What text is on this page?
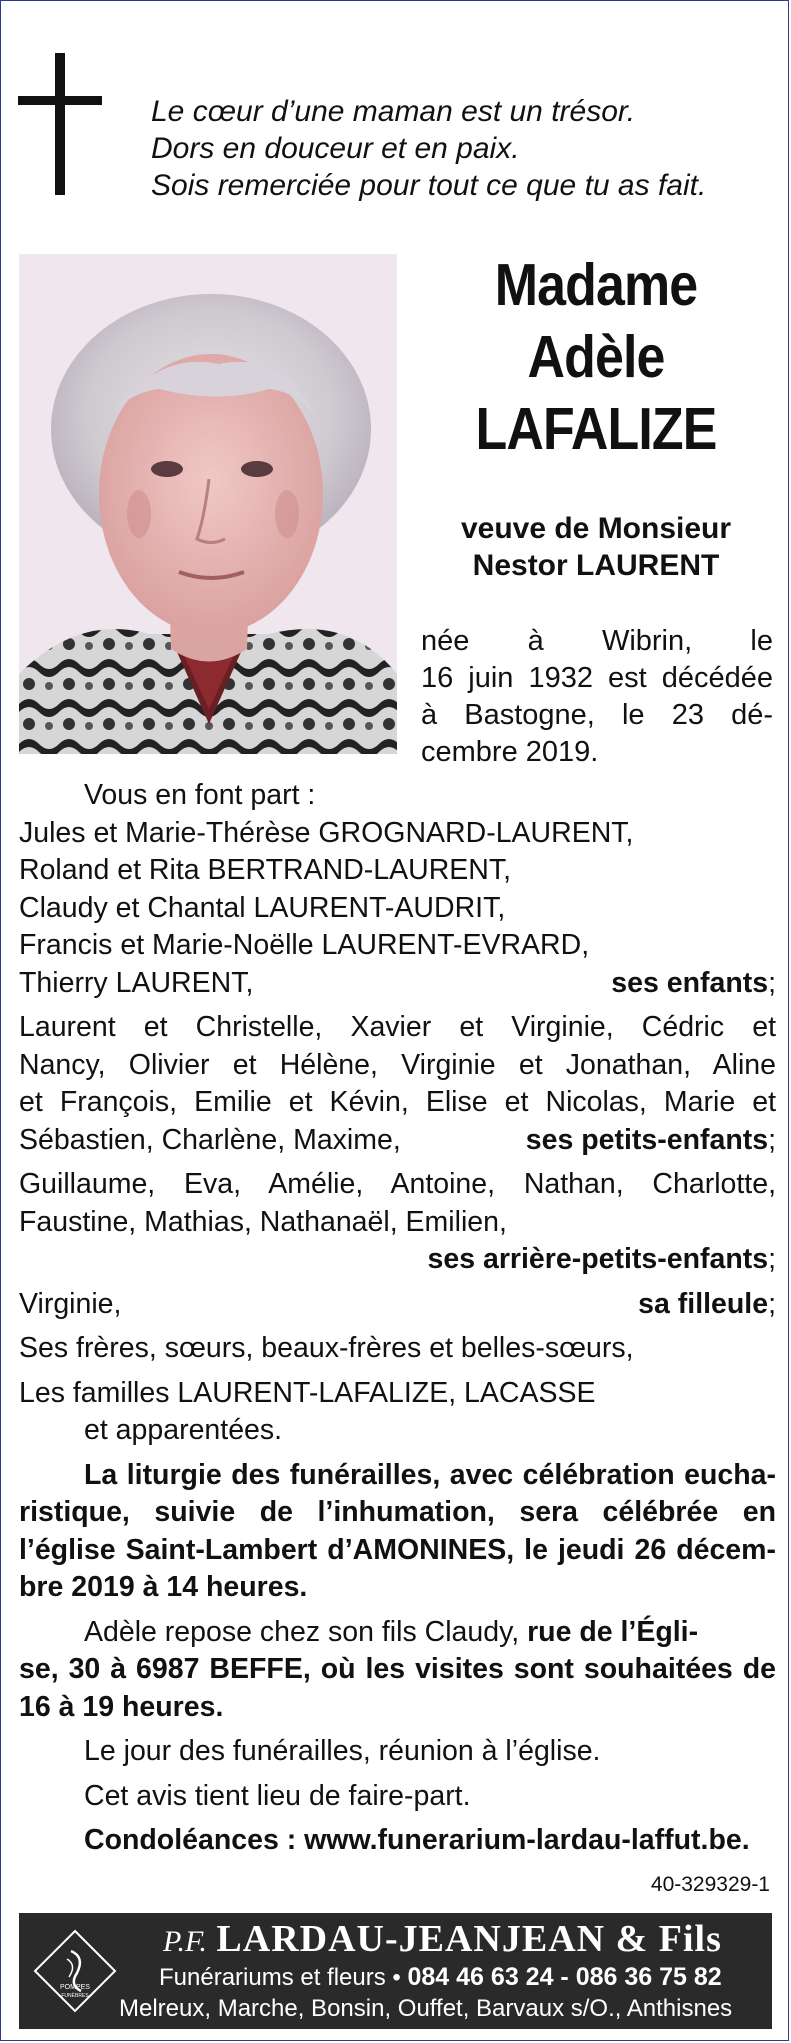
Le cœur d’une maman est un trésor.
Dors en douceur et en paix.
Sois remerciée pour tout ce que tu as fait.
Madame
Adèle
LAFALIZE
veuve de Monsieur
Nestor LAURENT
née à Wibrin, le
16 juin 1932 est décédée
à Bastogne, le 23 dé-
cembre 2019.
Vous en font part :
Jules et Marie-Thérèse GROGNARD-LAURENT,
Roland et Rita BERTRAND-LAURENT,
Claudy et Chantal LAURENT-AUDRIT,
Francis et Marie-Noëlle LAURENT-EVRARD,
Thierry LAURENT,	ses enfants;
Laurent et Christelle, Xavier et Virginie, Cédric et
Nancy, Olivier et Hélène, Virginie et Jonathan, Aline
et François, Emilie et Kévin, Elise et Nicolas, Marie et
Sébastien, Charlène, Maxime,	ses petits-enfants;
Guillaume, Eva, Amélie, Antoine, Nathan, Charlotte,
Faustine, Mathias, Nathanaël, Emilien,
ses arrière-petits-enfants;
Virginie,	sa filleule;
Ses frères, sœurs, beaux-frères et belles-sœurs,
Les familles LAURENT-LAFALIZE, LACASSE
et apparentées.
La liturgie des funérailles, avec célébration eucha-
ristique, suivie de l’inhumation, sera célébrée en
l’église Saint-Lambert d’AMONINES, le jeudi 26 décem-
bre 2019 à 14 heures.
Adèle repose chez son fils Claudy, rue de l’Égli-
se, 30 à 6987 BEFFE, où les visites sont souhaitées de
16 à 19 heures.
Le jour des funérailles, réunion à l’église.
Cet avis tient lieu de faire-part.
Condoléances : www.funerarium-lardau-laffut.be.
40-329329-1
POMPES
FUNÈBRES
P.F. LARDAU-JEANJEAN & Fils
Funérariums et fleurs • 084 46 63 24 - 086 36 75 82
Melreux, Marche, Bonsin, Ouffet, Barvaux s/O., Anthisnes
